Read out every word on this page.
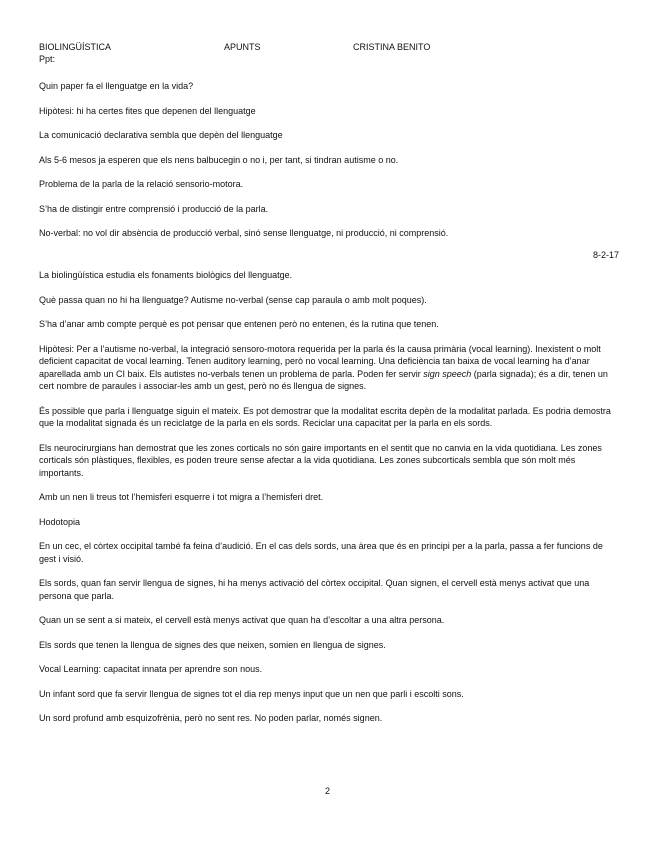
BIOLINGÜÍSTICA	APUNTS	CRISTINA BENITO
Ppt:

Quin paper fa el llenguatge en la vida?

Hipòtesi: hi ha certes fites que depenen del llenguatge

La comunicació declarativa sembla que depèn del llenguatge

Als 5-6 mesos ja esperen que els nens balbucegin o no i, per tant, si tindran autisme o no.

Problema de la parla de la relació sensorio-motora.

S’ha de distingir entre comprensió i producció de la parla.

No-verbal: no vol dir absència de producció verbal, sinó sense llenguatge, ni producció, ni comprensió.

8-2-17

La biolingüística estudia els fonaments biològics del llenguatge.

Què passa quan no hi ha llenguatge? Autisme no-verbal (sense cap paraula o amb molt poques).

S’ha d’anar amb compte perquè es pot pensar que entenen però no entenen, és la rutina que tenen.

Hipòtesi: Per a l’autisme no-verbal, la integració sensoro-motora requerida per la parla és la causa primària (vocal learning). Inexistent o molt deficient capacitat de vocal learning. Tenen auditory learning, però no vocal learning. Una deficiència tan baixa de vocal learning ha d’anar aparellada amb un CI baix. Els autistes no-verbals tenen un problema de parla. Poden fer servir sign speech (parla signada); és a dir, tenen un cert nombre de paraules i associar-les amb un gest, però no és llengua de signes.

És possible que parla i llenguatge siguin el mateix. Es pot demostrar que la modalitat escrita depèn de la modalitat parlada. Es podria demostra que la modalitat signada és un reciclatge de la parla en els sords. Reciclar una capacitat per la parla en els sords.

Els neurocirurgians han demostrat que les zones corticals no són gaire importants en el sentit que no canvia en la vida quotidiana. Les zones corticals són plàstiques, flexibles, es poden treure sense afectar a la vida quotidiana. Les zones subcorticals sembla que són molt més importants.

Amb un nen li treus tot l’hemisferi esquerre i tot migra a l’hemisferi dret.

Hodotopia

En un cec, el còrtex occipital també fa feina d’audició. En el cas dels sords, una àrea que és en principi per a la parla, passa a fer funcions de gest i visió.

Els sords, quan fan servir llengua de signes, hi ha menys activació del còrtex occipital. Quan signen, el cervell està menys activat que una persona que parla.

Quan un se sent a si mateix, el cervell està menys activat que quan ha d’escoltar a una altra persona.

Els sords que tenen la llengua de signes des que neixen, somien en llengua de signes.

Vocal Learning: capacitat innata per aprendre son nous.

Un infant sord que fa servir llengua de signes tot el dia rep menys input que un nen que parli i escolti sons.

Un sord profund amb esquizofrènia, però no sent res. No poden parlar, només signen.

2
